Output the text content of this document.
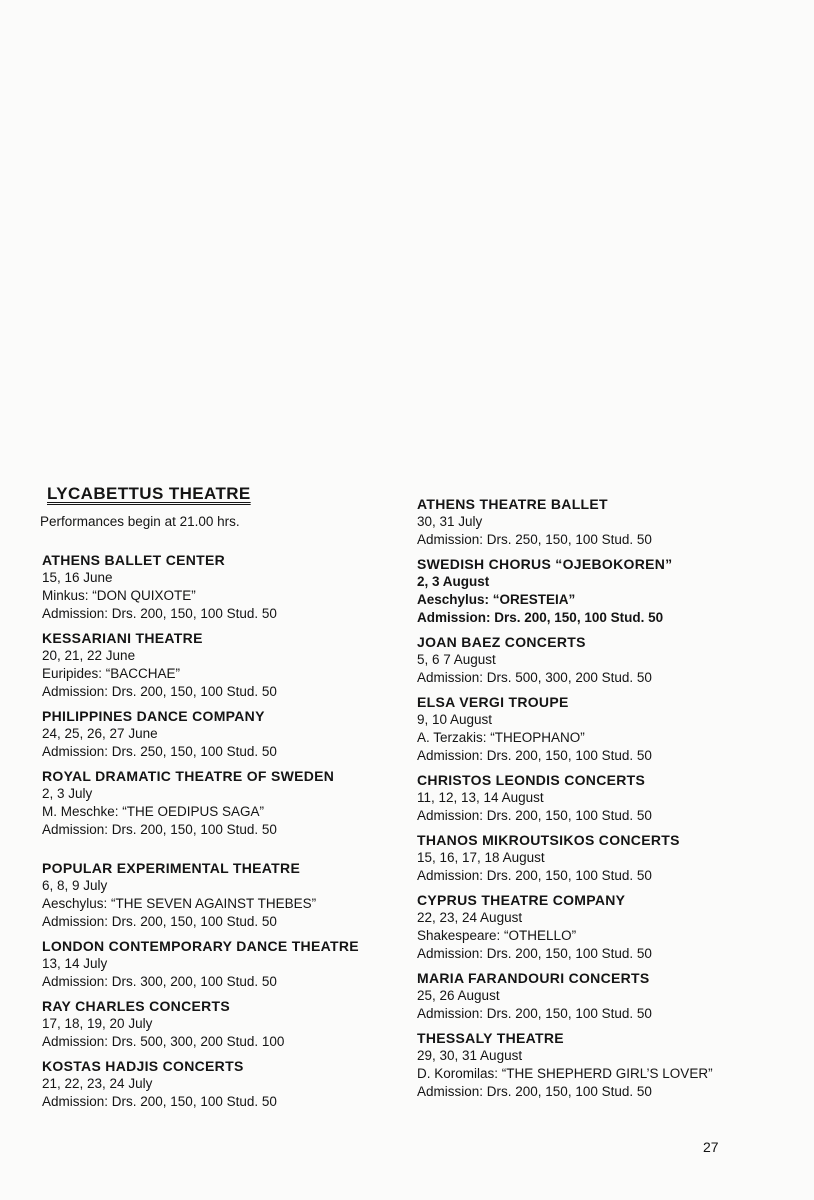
LYCABETTUS THEATRE
Performances begin at 21.00 hrs.
ATHENS BALLET CENTER
15, 16 June
Minkus: “DON QUIXOTE”
Admission: Drs. 200, 150, 100 Stud. 50
KESSARIANI THEATRE
20, 21, 22 June
Euripides: “BACCHAE”
Admission: Drs. 200, 150, 100 Stud. 50
PHILIPPINES DANCE COMPANY
24, 25, 26, 27 June
Admission: Drs. 250, 150, 100 Stud. 50
ROYAL DRAMATIC THEATRE OF SWEDEN
2, 3 July
M. Meschke: “THE OEDIPUS SAGA”
Admission: Drs. 200, 150, 100 Stud. 50
POPULAR EXPERIMENTAL THEATRE
6, 8, 9 July
Aeschylus: “THE SEVEN AGAINST THEBES”
Admission: Drs. 200, 150, 100 Stud. 50
LONDON CONTEMPORARY DANCE THEATRE
13, 14 July
Admission: Drs. 300, 200, 100 Stud. 50
RAY CHARLES CONCERTS
17, 18, 19, 20 July
Admission: Drs. 500, 300, 200 Stud. 100
KOSTAS HADJIS CONCERTS
21, 22, 23, 24 July
Admission: Drs. 200, 150, 100 Stud. 50
ATHENS THEATRE BALLET
30, 31 July
Admission: Drs. 250, 150, 100 Stud. 50
SWEDISH CHORUS “OJEBOKOREN”
2, 3 August
Aeschylus: “ORESTEIA”
Admission: Drs. 200, 150, 100 Stud. 50
JOAN BAEZ CONCERTS
5, 6 7 August
Admission: Drs. 500, 300, 200 Stud. 50
ELSA VERGI TROUPE
9, 10 August
A. Terzakis: “THEOPHANO”
Admission: Drs. 200, 150, 100 Stud. 50
CHRISTOS LEONDIS CONCERTS
11, 12, 13, 14 August
Admission: Drs. 200, 150, 100 Stud. 50
THANOS MIKROUTSIKOS CONCERTS
15, 16, 17, 18 August
Admission: Drs. 200, 150, 100 Stud. 50
CYPRUS THEATRE COMPANY
22, 23, 24 August
Shakespeare: “OTHELLO”
Admission: Drs. 200, 150, 100 Stud. 50
MARIA FARANDOURI CONCERTS
25, 26 August
Admission: Drs. 200, 150, 100 Stud. 50
THESSALY THEATRE
29, 30, 31 August
D. Koromilas: “THE SHEPHERD GIRL’S LOVER”
Admission: Drs. 200, 150, 100 Stud. 50
27
